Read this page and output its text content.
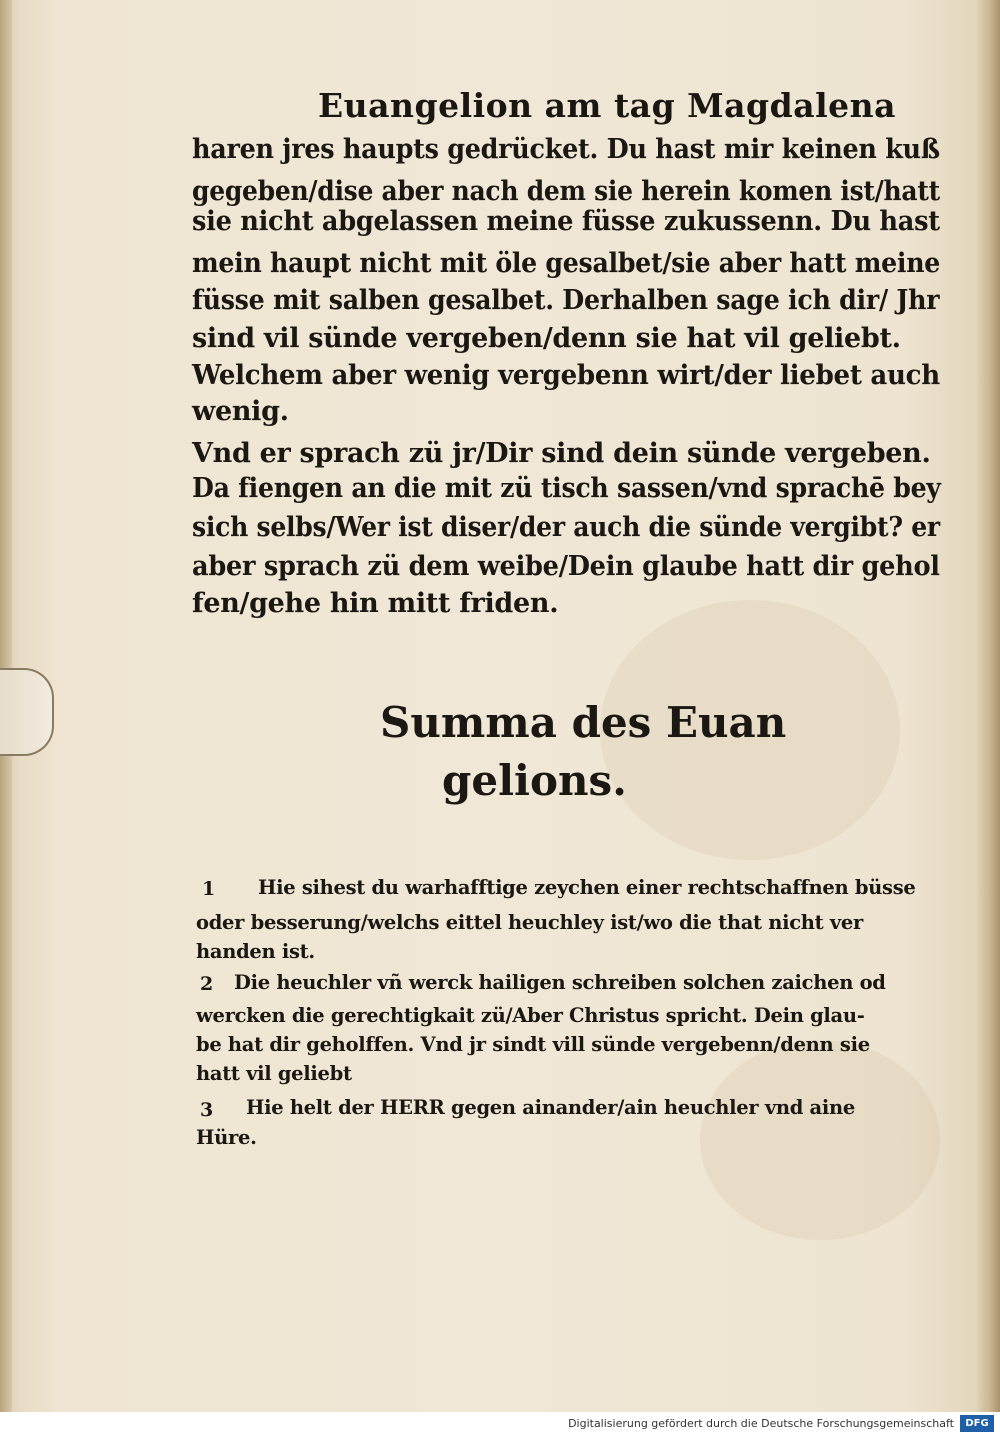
Euangelion am tag Magdalena
haren jres haupts gedrücket. Du hast mir keinen kuß
gegeben/dise aber nach dem sie herein komen ist/hatt
sie nicht abgelassen meine füsse zukussenn. Du hast
mein haupt nicht mit öle gesalbet/sie aber hatt meine
füsse mit salben gesalbet. Derhalben sage ich dir/ Jhr
sind vil sünde vergeben/denn sie hat vil geliebt.
Welchem aber wenig vergebenn wirt/der liebet auch
wenig.
Vnd er sprach zü jr/Dir sind dein sünde vergeben.
Da fiengen an die mit zü tisch sassen/vnd sprachē bey
sich selbs/Wer ist diser/der auch die sünde vergibt? er
aber sprach zü dem weibe/Dein glaube hatt dir gehol
fen/gehe hin mitt friden.
Summa des Euan
gelions.
1 Hie sihest du warhafftige zeychen einer rechtschaffnen büsse
oder besserung/welchs eittel heuchley ist/wo die that nicht ver
handen ist.
2 Die heuchler vñ werck hailigen schreiben solchen zaichen od
wercken die gerechtigkait zü/Aber Christus spricht. Dein glau-
be hat dir geholffen. Vnd jr sindt vill sünde vergebenn/denn sie
hatt vil geliebt
3 Hie helt der HERR gegen ainander/ain heuchler vnd aine
Hüre.
Digitalisierung gefördert durch die Deutsche Forschungsgemeinschaft	DFG
